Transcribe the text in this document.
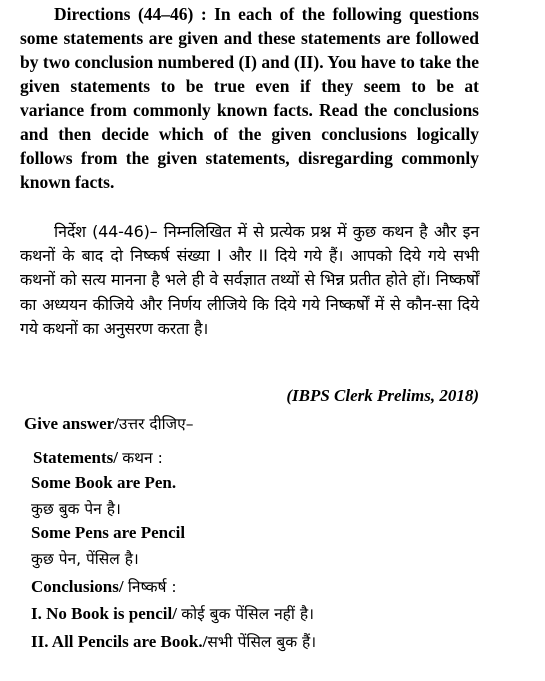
Directions (44–46) : In each of the following questions some statements are given and these statements are followed by two conclusion numbered (I) and (II). You have to take the given statements to be true even if they seem to be at variance from commonly known facts. Read the conclusions and then decide which of the given conclusions logically follows from the given statements, disregarding commonly known facts.

निर्देश (44-46)– निम्नलिखित में से प्रत्येक प्रश्न में कुछ कथन है और इन कथनों के बाद दो निष्कर्ष संख्या I और II दिये गये हैं। आपको दिये गये सभी कथनों को सत्य मानना है भले ही वे सर्वज्ञात तथ्यों से भिन्न प्रतीत होते हों। निष्कर्षों का अध्ययन कीजिये और निर्णय लीजिये कि दिये गये निष्कर्षों में से कौन-सा दिये गये कथनों का अनुसरण करता है।

(IBPS Clerk Prelims, 2018)

Give answer/उत्तर दीजिए–

Statements/ कथन :

Some Book are Pen.

कुछ बुक पेन है।

Some Pens are Pencil

कुछ पेन, पेंसिल है।

Conclusions/ निष्कर्ष :

I. No Book is pencil/ कोई बुक पेंसिल नहीं है।

II. All Pencils are Book./सभी पेंसिल बुक हैं।
